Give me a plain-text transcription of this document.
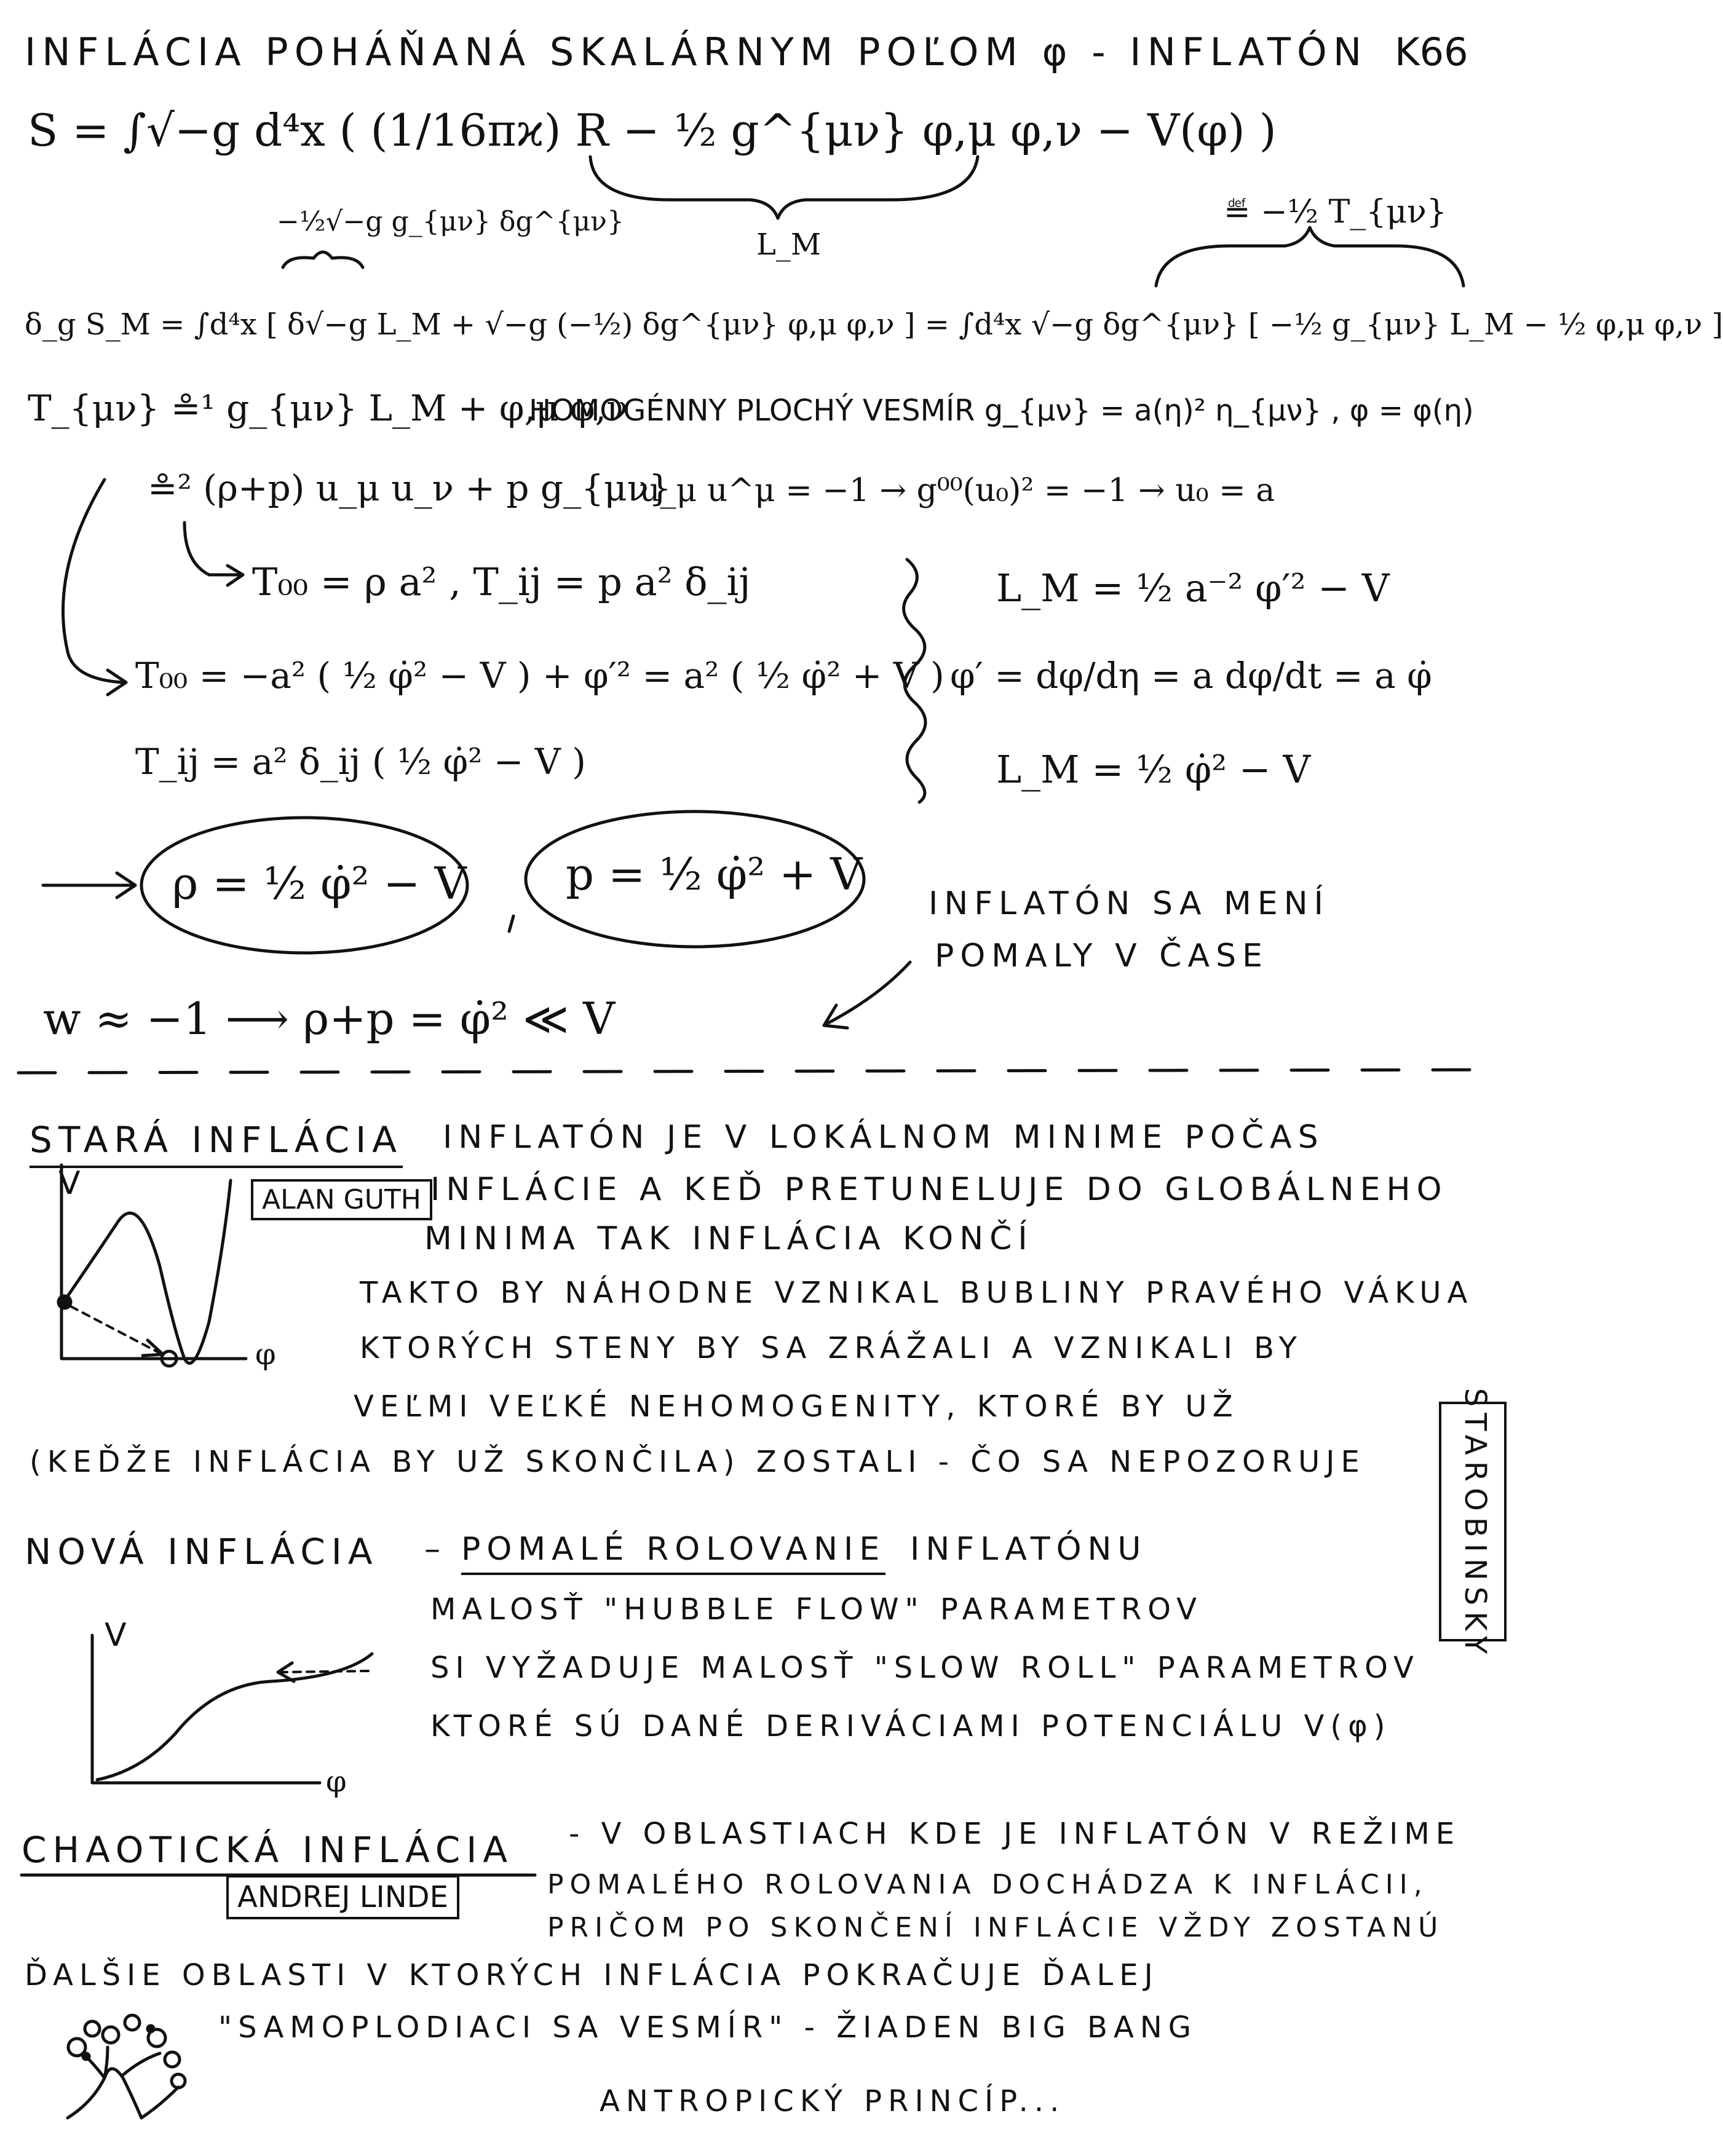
INFLÁCIA POHÁŇANÁ SKALÁRNYM POĽOM φ - INFLATÓN K66
S = ∫√−g d⁴x ( (1/16πϰ) R − ½ g^{μν} φ,μ φ,ν − V(φ) )
L_M
−½√−g g_{μν} δg^{μν}	≝ −½ T_{μν}
δ_g S_M = ∫d⁴x [ δ√−g L_M + √−g (−½) δg^{μν} φ,μ φ,ν ] = ∫d⁴x √−g δg^{μν} [ −½ g_{μν} L_M − ½ φ,μ φ,ν ]
T_{μν} ≗¹ g_{μν} L_M + φ,μ φ,ν
HOMOGÉNNY PLOCHÝ VESMÍR g_{μν} = a(η)² η_{μν} , φ = φ(η)
≗² (ρ+p) u_μ u_ν + p g_{μν}
u_μ u^μ = −1 → g⁰⁰(u₀)² = −1 → u₀ = a
T₀₀ = ρ a² , T_ij = p a² δ_ij	L_M = ½ a⁻² φ′² − V
T₀₀ = −a² ( ½ φ̇² − V ) + φ′² = a² ( ½ φ̇² + V ) φ′ = dφ/dη = a dφ/dt = a φ̇
T_ij = a² δ_ij ( ½ φ̇² − V )	L_M = ½ φ̇² − V
ρ = ½ φ̇² − V p = ½ φ̇² + V
INFLATÓN SA MENÍ
POMALY V ČASE
w ≈ −1 ⟶ ρ+p = φ̇² ≪ V
STARÁ INFLÁCIA
ALAN GUTH
INFLATÓN JE V LOKÁLNOM MINIME POČAS
INFLÁCIE A KEĎ PRETUNELUJE DO GLOBÁLNEHO
MINIMA TAK INFLÁCIA KONČÍ
TAKTO BY NÁHODNE VZNIKAL BUBLINY PRAVÉHO VÁKUA
KTORÝCH STENY BY SA ZRÁŽALI A VZNIKALI BY
VEĽMI VEĽKÉ NEHOMOGENITY, KTORÉ BY UŽ
(KEĎŽE INFLÁCIA BY UŽ SKONČILA) ZOSTALI - ČO SA NEPOZORUJE
V
φ
STAROBINSKY
NOVÁ INFLÁCIA – POMALÉ ROLOVANIE INFLATÓNU
MALOSŤ "HUBBLE FLOW" PARAMETROV
SI VYŽADUJE MALOSŤ "SLOW ROLL" PARAMETROV
KTORÉ SÚ DANÉ DERIVÁCIAMI POTENCIÁLU V(φ)
V
φ
CHAOTICKÁ INFLÁCIA
ANDREJ LINDE
- V OBLASTIACH KDE JE INFLATÓN V REŽIME
POMALÉHO ROLOVANIA DOCHÁDZA K INFLÁCII,
PRIČOM PO SKONČENÍ INFLÁCIE VŽDY ZOSTANÚ
ĎALŠIE OBLASTI V KTORÝCH INFLÁCIA POKRAČUJE ĎALEJ
"SAMOPLODIACI SA VESMÍR" - ŽIADEN BIG BANG
ANTROPICKÝ PRINCÍP...
